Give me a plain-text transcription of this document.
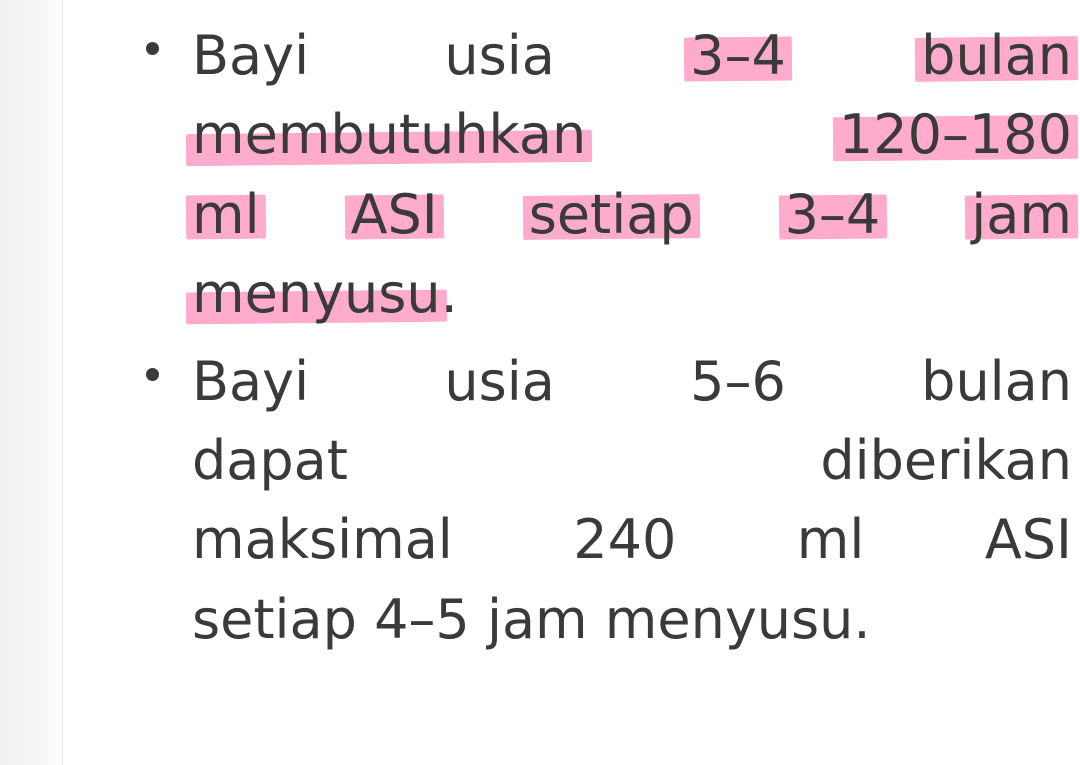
Bayi	usia	3–4	bulan
membutuhkan	120–180
ml ASI setiap 3–4 jam
menyusu.
Bayi	usia	5–6	bulan
dapat	diberikan
maksimal 240 ml ASI
setiap 4–5 jam menyusu.
